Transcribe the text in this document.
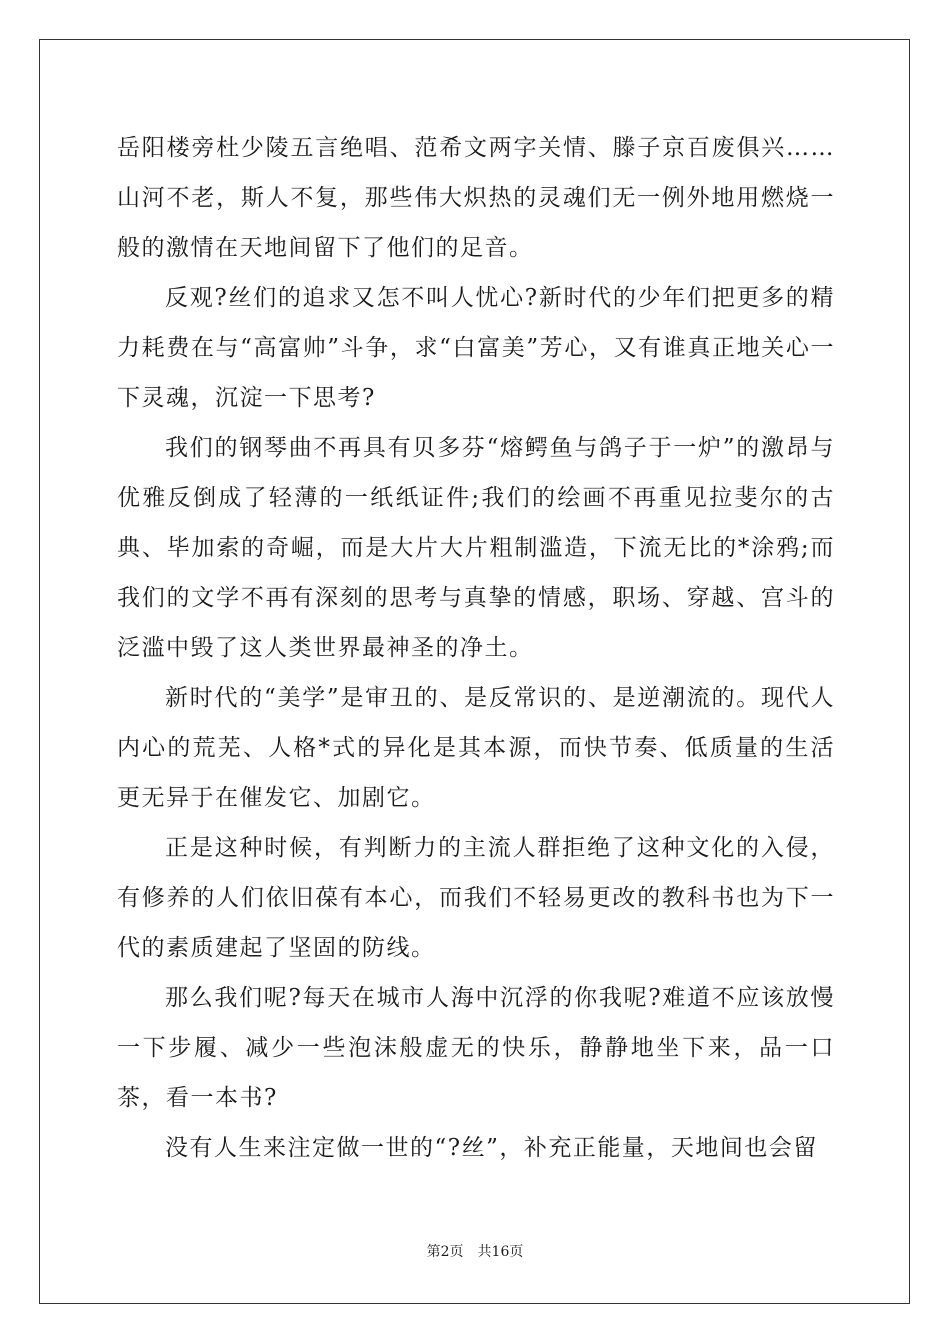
岳阳楼旁杜少陵五言绝唱、范希文两字关情、滕子京百废俱兴……山河不老，斯人不复，那些伟大炽热的灵魂们无一例外地用燃烧一般的激情在天地间留下了他们的足音。

反观?丝们的追求又怎不叫人忧心?新时代的少年们把更多的精力耗费在与“高富帅”斗争，求“白富美”芳心，又有谁真正地关心一下灵魂，沉淀一下思考?

我们的钢琴曲不再具有贝多芬“熔鳄鱼与鸽子于一炉”的激昂与优雅反倒成了轻薄的一纸纸证件;我们的绘画不再重见拉斐尔的古典、毕加索的奇崛，而是大片大片粗制滥造，下流无比的*涂鸦;而我们的文学不再有深刻的思考与真挚的情感，职场、穿越、宫斗的泛滥中毁了这人类世界最神圣的净土。

新时代的“美学”是审丑的、是反常识的、是逆潮流的。现代人内心的荒芜、人格*式的异化是其本源，而快节奏、低质量的生活更无异于在催发它、加剧它。

正是这种时候，有判断力的主流人群拒绝了这种文化的入侵，有修养的人们依旧葆有本心，而我们不轻易更改的教科书也为下一代的素质建起了坚固的防线。

那么我们呢?每天在城市人海中沉浮的你我呢?难道不应该放慢一下步履、减少一些泡沫般虚无的快乐，静静地坐下来，品一口茶，看一本书?

没有人生来注定做一世的“?丝”，补充正能量，天地间也会留

第2页 共16页
